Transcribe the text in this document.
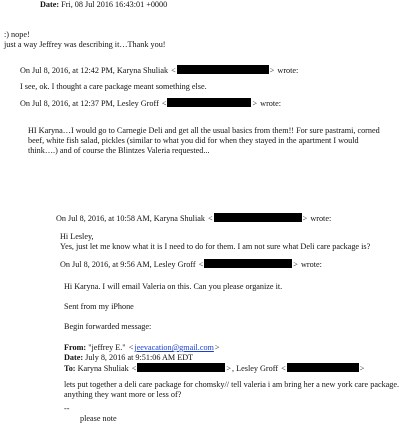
Date: Fri, 08 Jul 2016 16:43:01 +0000
:) nope!
just a way Jeffrey was describing it…Thank you!
On Jul 8, 2016, at 12:42 PM, Karyna Shuliak <	> wrote:
I see, ok. I thought a care package meant something else.
On Jul 8, 2016, at 12:37 PM, Lesley Groff <	> wrote:
HI Karyna…I would go to Carnegie Deli and get all the usual basics from them!! For sure pastrami, corned
beef, white fish salad, pickles (similar to what you did for when they stayed in the apartment I would
think….) and of course the Blintzes Valeria requested...
On Jul 8, 2016, at 10:58 AM, Karyna Shuliak <	> wrote:
Hi Lesley,
Yes, just let me know what it is I need to do for them. I am not sure what Deli care package is?
On Jul 8, 2016, at 9:56 AM, Lesley Groff <	> wrote:
Hi Karyna. I will email Valeria on this. Can you please organize it.
Sent from my iPhone
Begin forwarded message:
From: "jeffrey E." <jeevacation@gmail.com>
Date: July 8, 2016 at 9:51:06 AM EDT
To: Karyna Shuliak <	>, Lesley Groff <	>
lets put together a deli care package for chomsky// tell valeria i am bring her a new york care package.
anything they want more or less of?
--
please note
